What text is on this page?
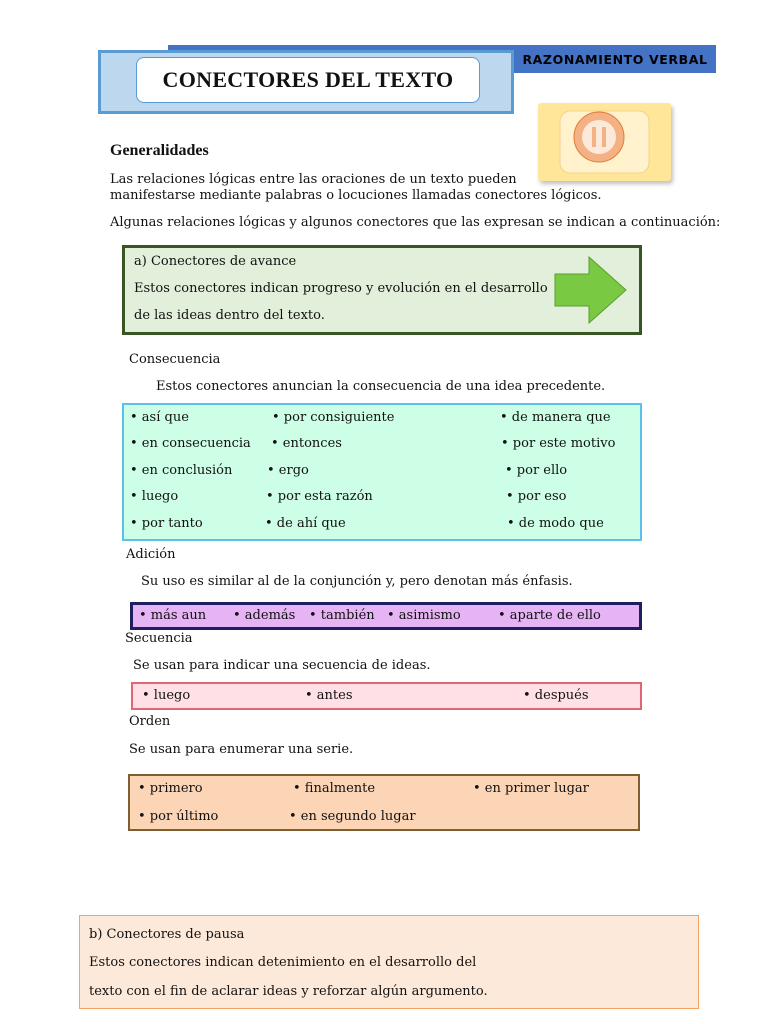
RAZONAMIENTO VERBAL
CONECTORES DEL TEXTO
Generalidades
Las relaciones lógicas entre las oraciones de un texto pueden
manifestarse mediante palabras o locuciones llamadas conectores lógicos.
Algunas relaciones lógicas y algunos conectores que las expresan se indican a continuación:
a) Conectores de avance
Estos conectores indican progreso y evolución en el desarrollo
de las ideas dentro del texto.
Consecuencia
Estos conectores anuncian la consecuencia de una idea precedente.
• así que	• por consiguiente	• de manera que
• en consecuencia • entonces	• por este motivo
• en conclusión	• ergo	• por ello
• luego	• por esta razón	• por eso
• por tanto	• de ahí que	• de modo que
Adición
Su uso es similar al de la conjunción y, pero denotan más énfasis.
• más aun • además • también • asimismo	• aparte de ello
Secuencia
Se usan para indicar una secuencia de ideas.
• luego	• antes	• después
Orden
Se usan para enumerar una serie.
• primero	• finalmente	• en primer lugar
• por último	• en segundo lugar
b) Conectores de pausa
Estos conectores indican detenimiento en el desarrollo del
texto con el fin de aclarar ideas y reforzar algún argumento.
